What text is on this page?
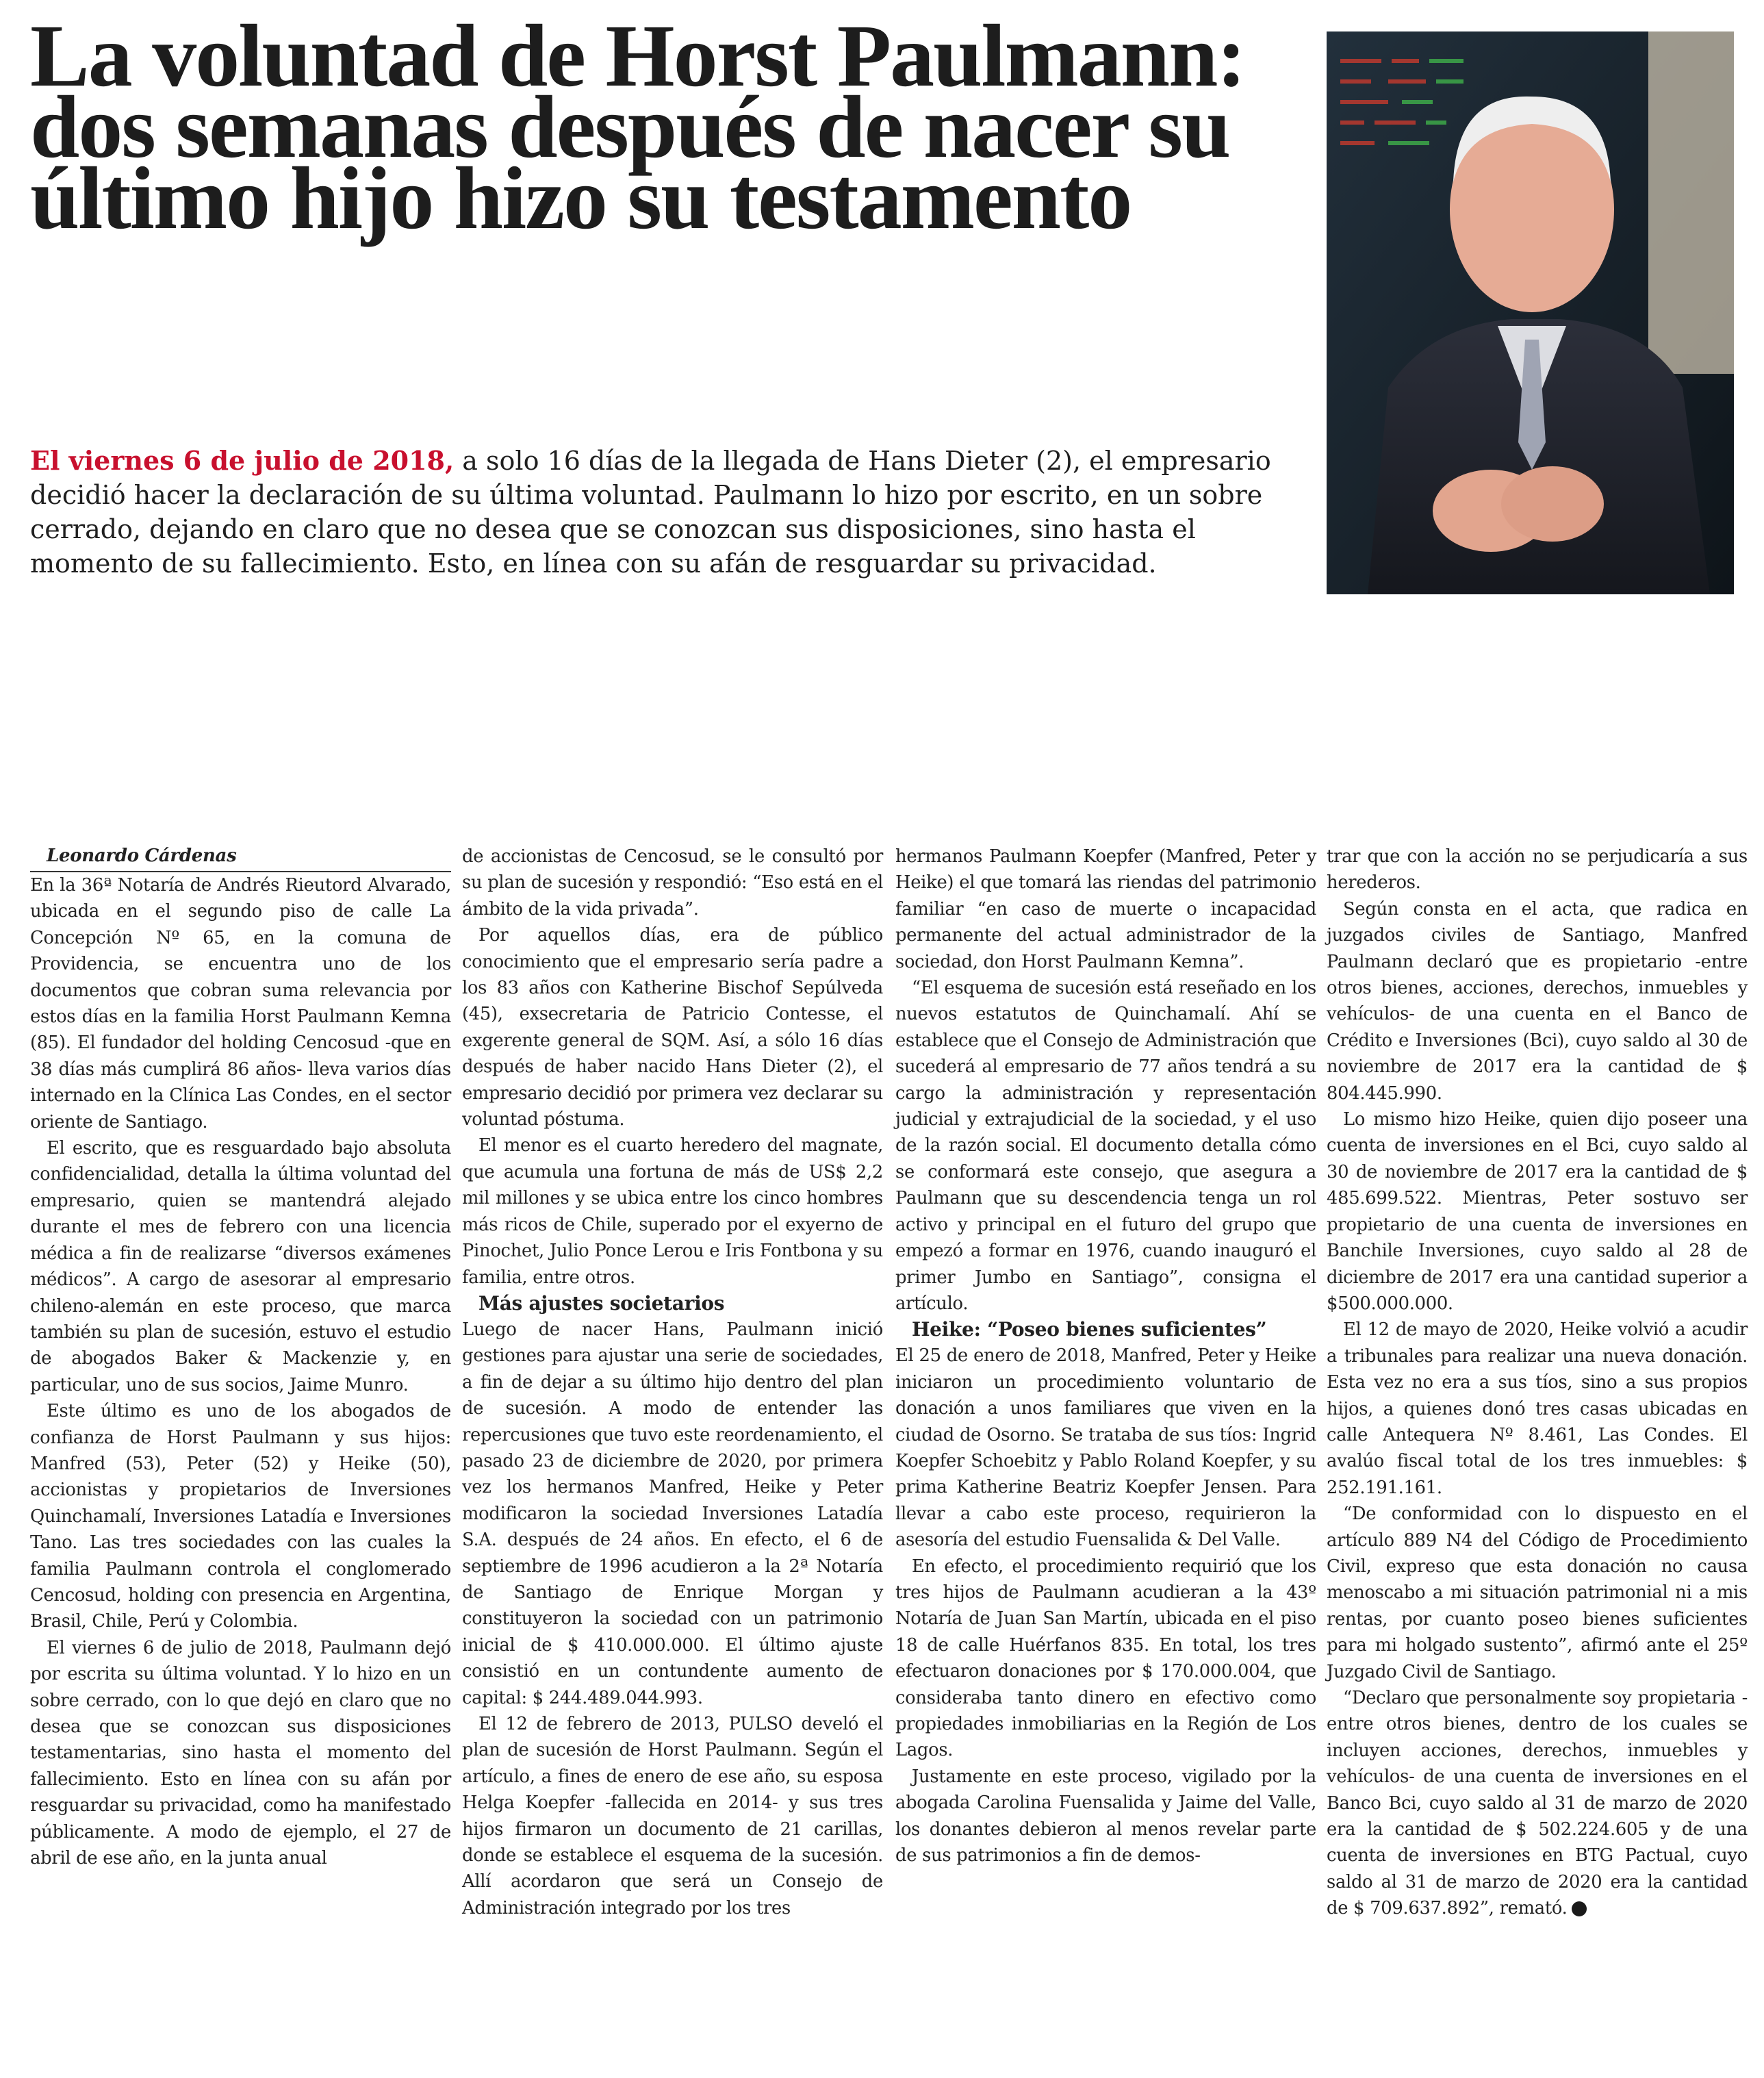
La voluntad de Horst Paulmann: dos semanas después de nacer su último hijo hizo su testamento

El viernes 6 de julio de 2018, a solo 16 días de la llegada de Hans Dieter (2), el empresario decidió hacer la declaración de su última voluntad. Paulmann lo hizo por escrito, en un sobre cerrado, dejando en claro que no desea que se conozcan sus disposiciones, sino hasta el momento de su fallecimiento. Esto, en línea con su afán de resguardar su privacidad.

Leonardo Cárdenas

En la 36ª Notaría de Andrés Rieutord Alvarado, ubicada en el segundo piso de calle La Concepción Nº 65, en la comuna de Providencia, se encuentra uno de los documentos que cobran suma relevancia por estos días en la familia Horst Paulmann Kemna (85). El fundador del holding Cencosud -que en 38 días más cumplirá 86 años- lleva varios días internado en la Clínica Las Condes, en el sector oriente de Santiago.

El escrito, que es resguardado bajo absoluta confidencialidad, detalla la última voluntad del empresario, quien se mantendrá alejado durante el mes de febrero con una licencia médica a fin de realizarse “diversos exámenes médicos”. A cargo de asesorar al empresario chileno-alemán en este proceso, que marca también su plan de sucesión, estuvo el estudio de abogados Baker & Mackenzie y, en particular, uno de sus socios, Jaime Munro.

Este último es uno de los abogados de confianza de Horst Paulmann y sus hijos: Manfred (53), Peter (52) y Heike (50), accionistas y propietarios de Inversiones Quinchamalí, Inversiones Latadía e Inversiones Tano. Las tres sociedades con las cuales la familia Paulmann controla el conglomerado Cencosud, holding con presencia en Argentina, Brasil, Chile, Perú y Colombia.

El viernes 6 de julio de 2018, Paulmann dejó por escrita su última voluntad. Y lo hizo en un sobre cerrado, con lo que dejó en claro que no desea que se conozcan sus disposiciones testamentarias, sino hasta el momento del fallecimiento. Esto en línea con su afán por resguardar su privacidad, como ha manifestado públicamente. A modo de ejemplo, el 27 de abril de ese año, en la junta anual

de accionistas de Cencosud, se le consultó por su plan de sucesión y respondió: “Eso está en el ámbito de la vida privada”.

Por aquellos días, era de público conocimiento que el empresario sería padre a los 83 años con Katherine Bischof Sepúlveda (45), exsecretaria de Patricio Contesse, el exgerente general de SQM. Así, a sólo 16 días después de haber nacido Hans Dieter (2), el empresario decidió por primera vez declarar su voluntad póstuma.

El menor es el cuarto heredero del magnate, que acumula una fortuna de más de US$ 2,2 mil millones y se ubica entre los cinco hombres más ricos de Chile, superado por el exyerno de Pinochet, Julio Ponce Lerou e Iris Fontbona y su familia, entre otros.

Más ajustes societarios

Luego de nacer Hans, Paulmann inició gestiones para ajustar una serie de sociedades, a fin de dejar a su último hijo dentro del plan de sucesión. A modo de entender las repercusiones que tuvo este reordenamiento, el pasado 23 de diciembre de 2020, por primera vez los hermanos Manfred, Heike y Peter modificaron la sociedad Inversiones Latadía S.A. después de 24 años. En efecto, el 6 de septiembre de 1996 acudieron a la 2ª Notaría de Santiago de Enrique Morgan y constituyeron la sociedad con un patrimonio inicial de $ 410.000.000. El último ajuste consistió en un contundente aumento de capital: $ 244.489.044.993.

El 12 de febrero de 2013, PULSO develó el plan de sucesión de Horst Paulmann. Según el artículo, a fines de enero de ese año, su esposa Helga Koepfer -fallecida en 2014- y sus tres hijos firmaron un documento de 21 carillas, donde se establece el esquema de la sucesión. Allí acordaron que será un Consejo de Administración integrado por los tres

hermanos Paulmann Koepfer (Manfred, Peter y Heike) el que tomará las riendas del patrimonio familiar “en caso de muerte o incapacidad permanente del actual administrador de la sociedad, don Horst Paulmann Kemna”.

“El esquema de sucesión está reseñado en los nuevos estatutos de Quinchamalí. Ahí se establece que el Consejo de Administración que sucederá al empresario de 77 años tendrá a su cargo la administración y representación judicial y extrajudicial de la sociedad, y el uso de la razón social. El documento detalla cómo se conformará este consejo, que asegura a Paulmann que su descendencia tenga un rol activo y principal en el futuro del grupo que empezó a formar en 1976, cuando inauguró el primer Jumbo en Santiago”, consigna el artículo.

Heike: “Poseo bienes suficientes”

El 25 de enero de 2018, Manfred, Peter y Heike iniciaron un procedimiento voluntario de donación a unos familiares que viven en la ciudad de Osorno. Se trataba de sus tíos: Ingrid Koepfer Schoebitz y Pablo Roland Koepfer, y su prima Katherine Beatriz Koepfer Jensen. Para llevar a cabo este proceso, requirieron la asesoría del estudio Fuensalida & Del Valle.

En efecto, el procedimiento requirió que los tres hijos de Paulmann acudieran a la 43º Notaría de Juan San Martín, ubicada en el piso 18 de calle Huérfanos 835. En total, los tres efectuaron donaciones por $ 170.000.004, que consideraba tanto dinero en efectivo como propiedades inmobiliarias en la Región de Los Lagos.

Justamente en este proceso, vigilado por la abogada Carolina Fuensalida y Jaime del Valle, los donantes debieron al menos revelar parte de sus patrimonios a fin de demos-

trar que con la acción no se perjudicaría a sus herederos.

Según consta en el acta, que radica en juzgados civiles de Santiago, Manfred Paulmann declaró que es propietario -entre otros bienes, acciones, derechos, inmuebles y vehículos- de una cuenta en el Banco de Crédito e Inversiones (Bci), cuyo saldo al 30 de noviembre de 2017 era la cantidad de $ 804.445.990.

Lo mismo hizo Heike, quien dijo poseer una cuenta de inversiones en el Bci, cuyo saldo al 30 de noviembre de 2017 era la cantidad de $ 485.699.522. Mientras, Peter sostuvo ser propietario de una cuenta de inversiones en Banchile Inversiones, cuyo saldo al 28 de diciembre de 2017 era una cantidad superior a $500.000.000.

El 12 de mayo de 2020, Heike volvió a acudir a tribunales para realizar una nueva donación. Esta vez no era a sus tíos, sino a sus propios hijos, a quienes donó tres casas ubicadas en calle Antequera Nº 8.461, Las Condes. El avalúo fiscal total de los tres inmuebles: $ 252.191.161.

“De conformidad con lo dispuesto en el artículo 889 N4 del Código de Procedimiento Civil, expreso que esta donación no causa menoscabo a mi situación patrimonial ni a mis rentas, por cuanto poseo bienes suficientes para mi holgado sustento”, afirmó ante el 25º Juzgado Civil de Santiago.

“Declaro que personalmente soy propietaria -entre otros bienes, dentro de los cuales se incluyen acciones, derechos, inmuebles y vehículos- de una cuenta de inversiones en el Banco Bci, cuyo saldo al 31 de marzo de 2020 era la cantidad de $ 502.224.605 y de una cuenta de inversiones en BTG Pactual, cuyo saldo al 31 de marzo de 2020 era la cantidad de $ 709.637.892”, remató.
